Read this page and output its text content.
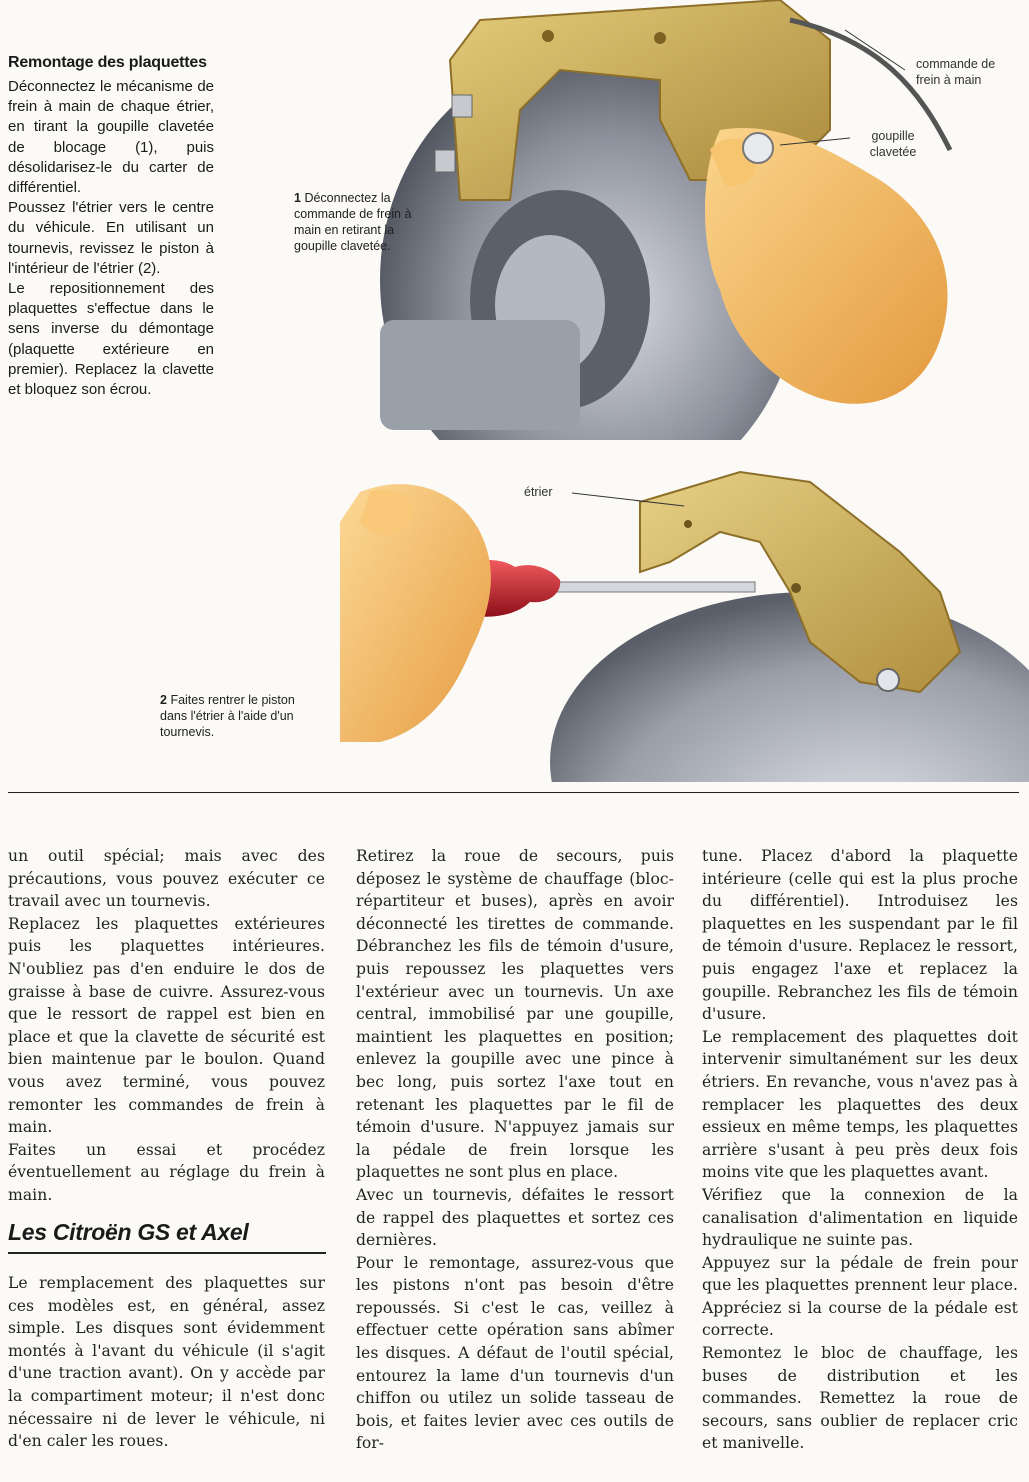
Remontage des plaquettes

Déconnectez le mécanisme de frein à main de chaque étrier, en tirant la goupille clavetée de blocage (1), puis désolidarisez-le du carter de différentiel.

Poussez l'étrier vers le centre du véhicule. En utilisant un tournevis, revissez le piston à l'intérieur de l'étrier (2).

Le repositionnement des plaquettes s'effectue dans le sens inverse du démontage (plaquette extérieure en premier). Replacez la clavette et bloquez son écrou.

commande de frein à main
goupille clavetée
1 Déconnectez la commande de frein à main en retirant la goupille clavetée.
étrier
2 Faites rentrer le piston dans l'étrier à l'aide d'un tournevis.

un outil spécial; mais avec des précautions, vous pouvez exécuter ce travail avec un tournevis.

Replacez les plaquettes extérieures puis les plaquettes intérieures. N'oubliez pas d'en enduire le dos de graisse à base de cuivre. Assurez-vous que le ressort de rappel est bien en place et que la clavette de sécurité est bien maintenue par le boulon. Quand vous avez terminé, vous pouvez remonter les commandes de frein à main.

Faites un essai et procédez éventuellement au réglage du frein à main.

Les Citroën GS et Axel

Le remplacement des plaquettes sur ces modèles est, en général, assez simple. Les disques sont évidemment montés à l'avant du véhicule (il s'agit d'une traction avant). On y accède par la compartiment moteur; il n'est donc nécessaire ni de lever le véhicule, ni d'en caler les roues.

Retirez la roue de secours, puis déposez le système de chauffage (bloc-répartiteur et buses), après en avoir déconnecté les tirettes de commande. Débranchez les fils de témoin d'usure, puis repoussez les plaquettes vers l'extérieur avec un tournevis. Un axe central, immobilisé par une goupille, maintient les plaquettes en position; enlevez la goupille avec une pince à bec long, puis sortez l'axe tout en retenant les plaquettes par le fil de témoin d'usure. N'appuyez jamais sur la pédale de frein lorsque les plaquettes ne sont plus en place.

Avec un tournevis, défaites le ressort de rappel des plaquettes et sortez ces dernières.

Pour le remontage, assurez-vous que les pistons n'ont pas besoin d'être repoussés. Si c'est le cas, veillez à effectuer cette opération sans abîmer les disques. A défaut de l'outil spécial, entourez la lame d'un tournevis d'un chiffon ou utilez un solide tasseau de bois, et faites levier avec ces outils de for-

tune. Placez d'abord la plaquette intérieure (celle qui est la plus proche du différentiel). Introduisez les plaquettes en les suspendant par le fil de témoin d'usure. Replacez le ressort, puis engagez l'axe et replacez la goupille. Rebranchez les fils de témoin d'usure.

Le remplacement des plaquettes doit intervenir simultanément sur les deux étriers. En revanche, vous n'avez pas à remplacer les plaquettes des deux essieux en même temps, les plaquettes arrière s'usant à peu près deux fois moins vite que les plaquettes avant.

Vérifiez que la connexion de la canalisation d'alimentation en liquide hydraulique ne suinte pas.

Appuyez sur la pédale de frein pour que les plaquettes prennent leur place. Appréciez si la course de la pédale est correcte.

Remontez le bloc de chauffage, les buses de distribution et les commandes. Remettez la roue de secours, sans oublier de replacer cric et manivelle.
